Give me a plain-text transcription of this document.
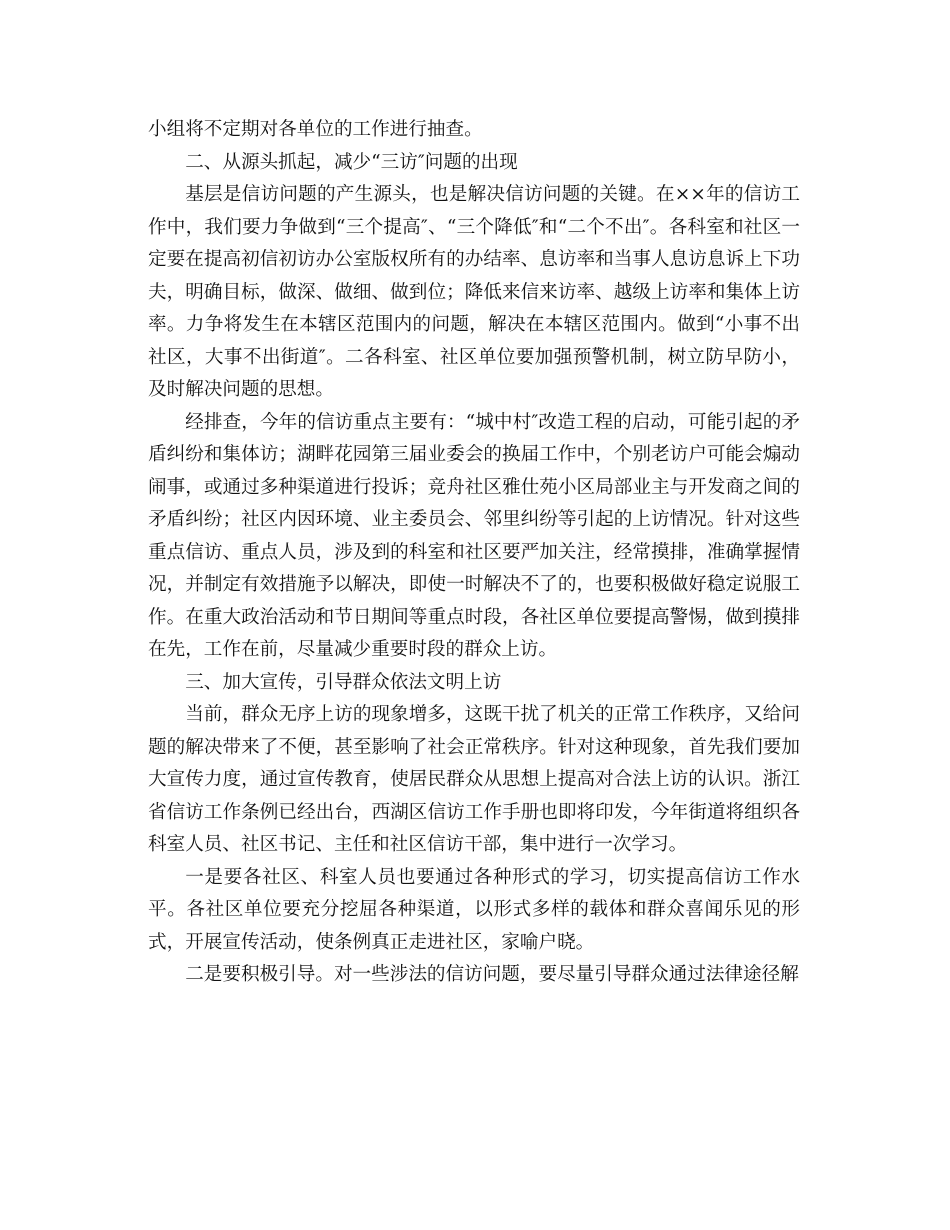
小组将不定期对各单位的工作进行抽查。

二、从源头抓起，减少“三访″问题的出现

基层是信访问题的产生源头，也是解决信访问题的关键。在××年的信访工作中，我们要力争做到“三个提高″、“三个降低″和“二个不出″。各科室和社区一定要在提高初信初访办公室版权所有的办结率、息访率和当事人息访息诉上下功夫，明确目标，做深、做细、做到位；降低来信来访率、越级上访率和集体上访率。力争将发生在本辖区范围内的问题，解决在本辖区范围内。做到“小事不出社区，大事不出街道″。二各科室、社区单位要加强预警机制，树立防早防小，及时解决问题的思想。

经排查，今年的信访重点主要有：“城中村″改造工程的启动，可能引起的矛盾纠纷和集体访；湖畔花园第三届业委会的换届工作中，个别老访户可能会煽动闹事，或通过多种渠道进行投诉；竞舟社区雅仕苑小区局部业主与开发商之间的矛盾纠纷；社区内因环境、业主委员会、邻里纠纷等引起的上访情况。针对这些重点信访、重点人员，涉及到的科室和社区要严加关注，经常摸排，准确掌握情况，并制定有效措施予以解决，即使一时解决不了的，也要积极做好稳定说服工作。在重大政治活动和节日期间等重点时段，各社区单位要提高警惕，做到摸排在先，工作在前，尽量减少重要时段的群众上访。

三、加大宣传，引导群众依法文明上访

当前，群众无序上访的现象增多，这既干扰了机关的正常工作秩序，又给问题的解决带来了不便，甚至影响了社会正常秩序。针对这种现象，首先我们要加大宣传力度，通过宣传教育，使居民群众从思想上提高对合法上访的认识。浙江省信访工作条例已经出台，西湖区信访工作手册也即将印发，今年街道将组织各科室人员、社区书记、主任和社区信访干部，集中进行一次学习。

一是要各社区、科室人员也要通过各种形式的学习，切实提高信访工作水平。各社区单位要充分挖屈各种渠道，以形式多样的载体和群众喜闻乐见的形式，开展宣传活动，使条例真正走进社区，家喻户晓。

二是要积极引导。对一些涉法的信访问题，要尽量引导群众通过法律途径解
